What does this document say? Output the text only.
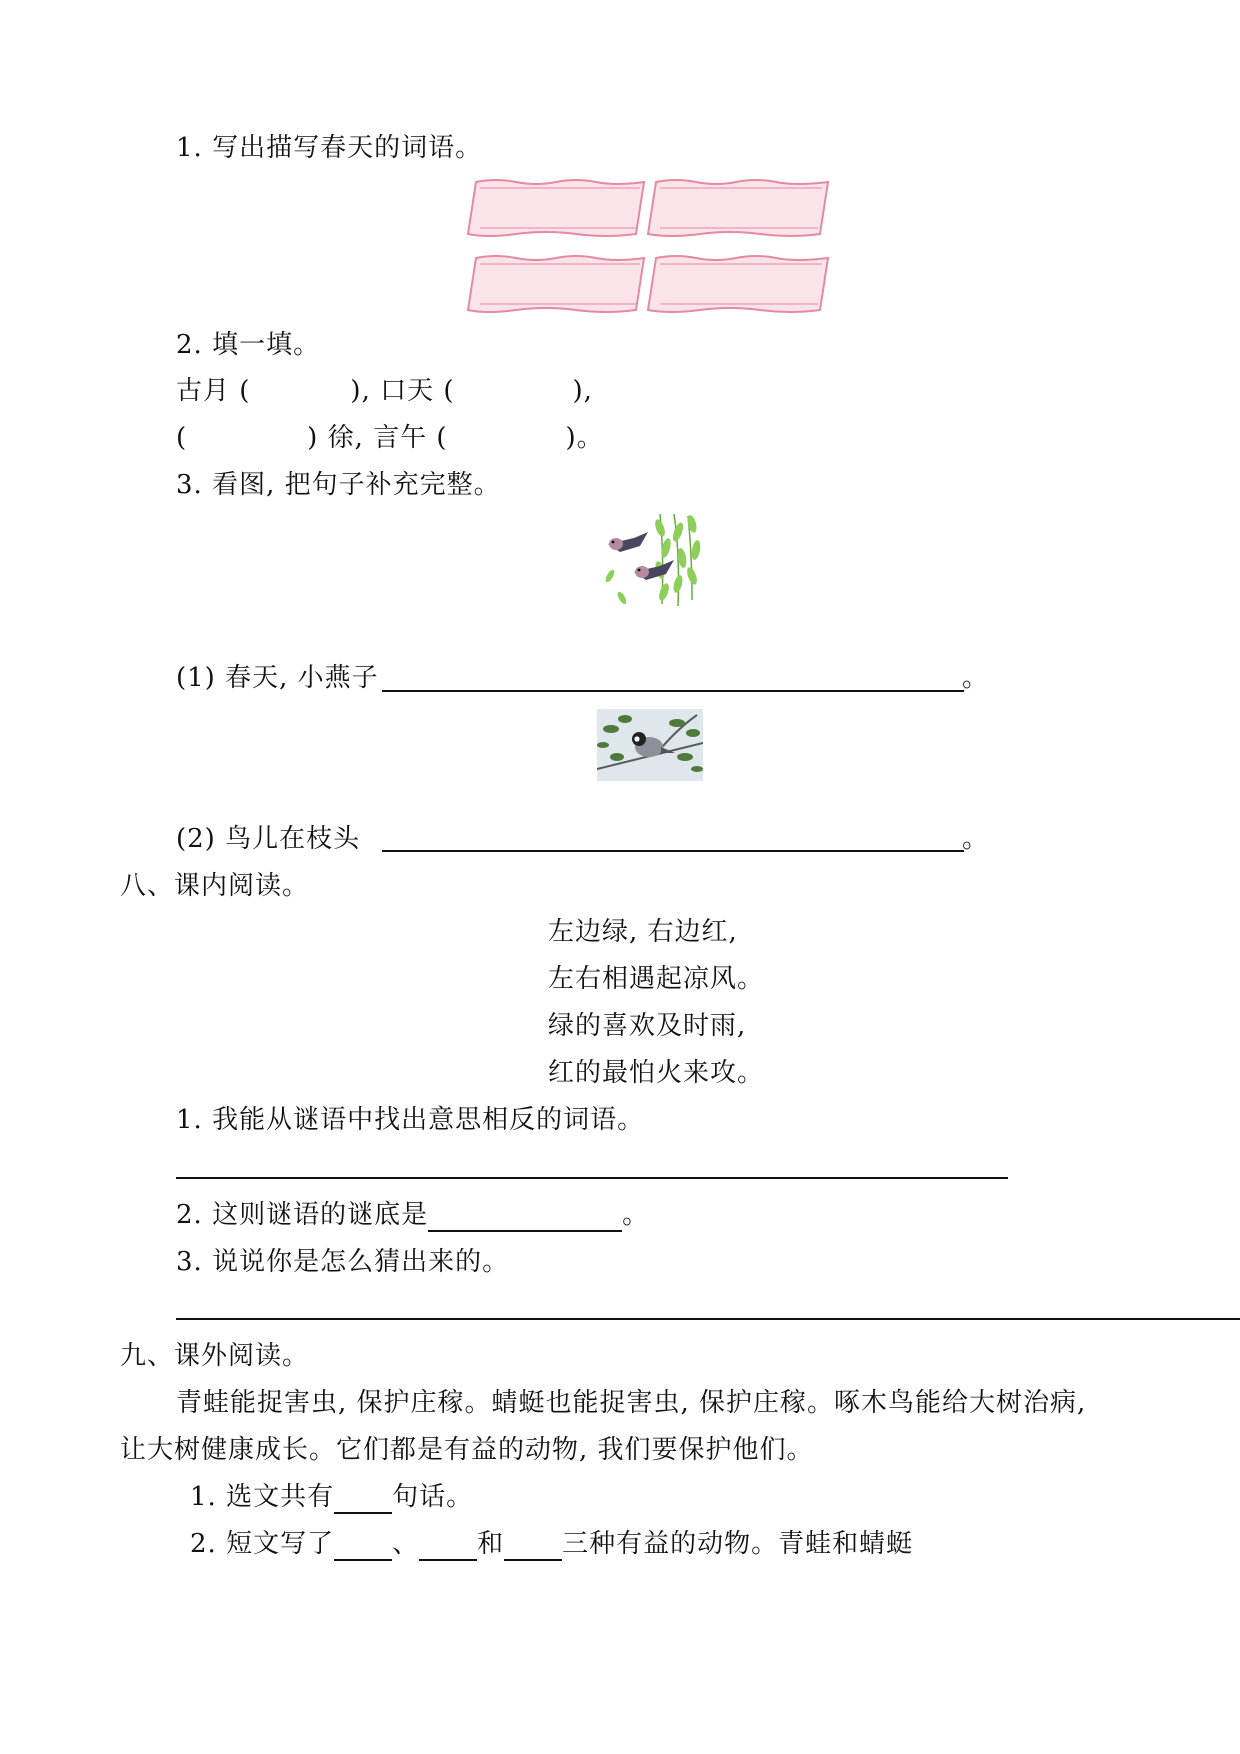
1. 写出描写春天的词语。
2. 填一填。
古月 (	), 口天 (	),
(	) 徐, 言午 (	)。
3. 看图, 把句子补充完整。
(1) 春天, 小燕子	。
(2) 鸟儿在枝头	。
八、课内阅读。
左边绿, 右边红,
左右相遇起凉风。
绿的喜欢及时雨,
红的最怕火来攻。
1. 我能从谜语中找出意思相反的词语。
2. 这则谜语的谜底是	。
3. 说说你是怎么猜出来的。
九、课外阅读。
青蛙能捉害虫, 保护庄稼。蜻蜓也能捉害虫, 保护庄稼。啄木鸟能给大树治病,
让大树健康成长。它们都是有益的动物, 我们要保护他们。
1. 选文共有 句话。
2. 短文写了 、 和 三种有益的动物。青蛙和蜻蜓
